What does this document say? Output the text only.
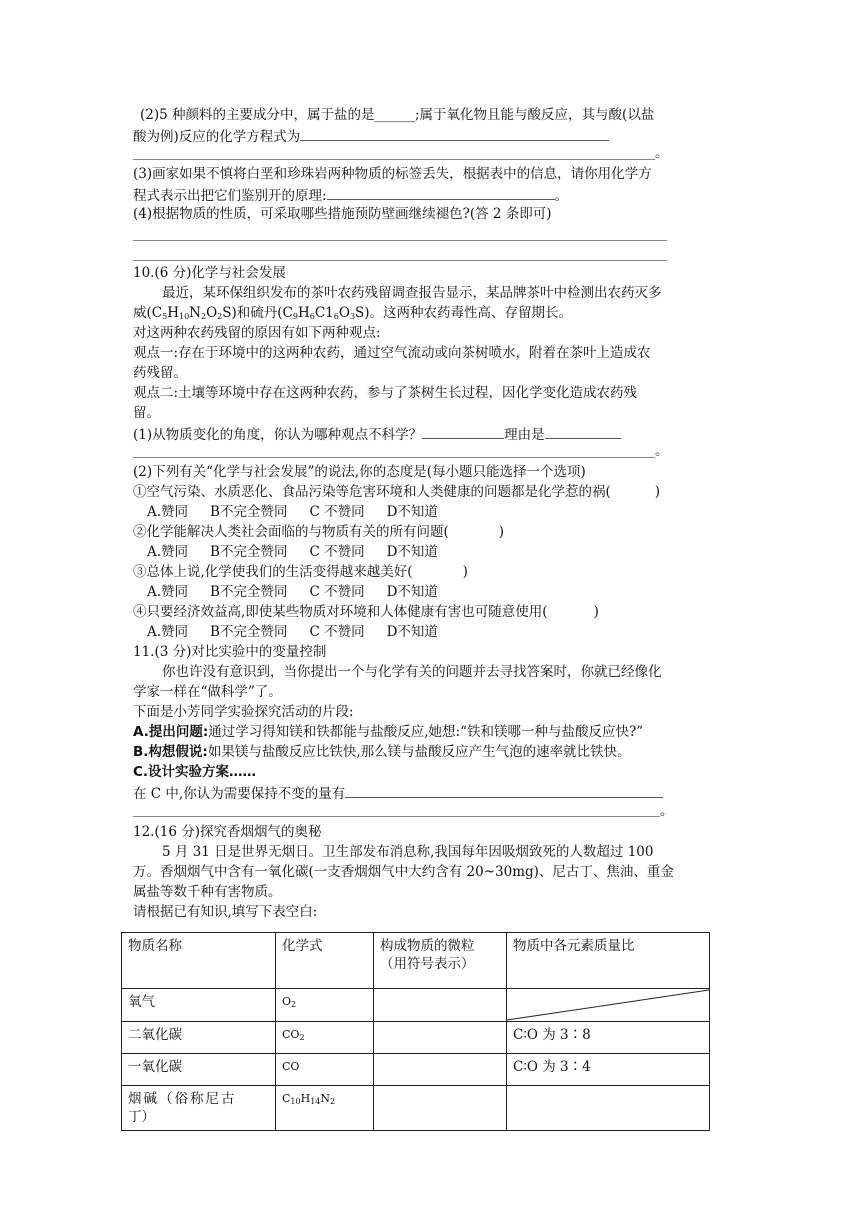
(2)5 种颜料的主要成分中，属于盐的是______;属于氧化物且能与酸反应，其与酸(以盐
酸为例)反应的化学方程式为
。
(3)画家如果不慎将白垩和珍珠岩两种物质的标签丢失，根据表中的信息，请你用化学方
程式表示出把它们鉴别开的原理:	。
(4)根据物质的性质，可采取哪些措施预防壁画继续褪色?(答 2 条即可)
10.(6 分)化学与社会发展
最近，某环保组织发布的茶叶农药残留调查报告显示，某品牌茶叶中检测出农药灭多
威$(C_5H_{10}N_2O_2S)$和硫丹$(C_9H_6C1_6O_3S)$。这两种农药毒性高、存留期长。
对这两种农药残留的原因有如下两种观点:
观点一:存在于环境中的这两种农药，通过空气流动或向茶树喷水，附着在茶叶上造成农
药残留。
观点二:土壤等环境中存在这两种农药，参与了茶树生长过程，因化学变化造成农药残
留。
(1)从物质变化的角度，你认为哪种观点不科学？	理由是
。
(2)下列有关“化学与社会发展”的说法,你的态度是(每小题只能选择一个选项)
①空气污染、水质恶化、食品污染等危害环境和人类健康的问题都是化学惹的祸(	)
A.赞同 B不完全赞同 C 不赞同 D不知道
②化学能解决人类社会面临的与物质有关的所有问题(	)
A.赞同 B不完全赞同 C 不赞同 D不知道
③总体上说,化学使我们的生活变得越来越美好(	)
A.赞同 B不完全赞同 C 不赞同 D不知道
④只要经济效益高,即使某些物质对环境和人体健康有害也可随意使用(	)
A.赞同 B不完全赞同 C 不赞同 D不知道
11.(3 分)对比实验中的变量控制
你也许没有意识到，当你提出一个与化学有关的问题并去寻找答案时，你就已经像化
学家一样在“做科学”了。
下面是小芳同学实验探究活动的片段:
A.提出问题:通过学习得知镁和铁都能与盐酸反应,她想:“铁和镁哪一种与盐酸反应快?”
B.构想假说:如果镁与盐酸反应比铁快,那么镁与盐酸反应产生气泡的速率就比铁快。
C.设计实验方案……
在 C 中,你认为需要保持不变的量有
。
12.(16 分)探究香烟烟气的奥秘
5 月 31 日是世界无烟日。卫生部发布消息称,我国每年因吸烟致死的人数超过 100
万。香烟烟气中含有一氧化碳(一支香烟烟气中大约含有 20~30mg)、尼古丁、焦油、重金
属盐等数千种有害物质。
请根据已有知识,填写下表空白:
物质名称	化学式	构成物质的微粒
（用符号表示）	物质中各元素质量比
氧气	$O_2$		

二氧化碳	$CO_2$		C∶O 为 3∶8
一氧化碳	CO		C∶O 为 3∶4
烟碱（俗称尼古
丁）	$C_{10}H_{14}N_2$		
